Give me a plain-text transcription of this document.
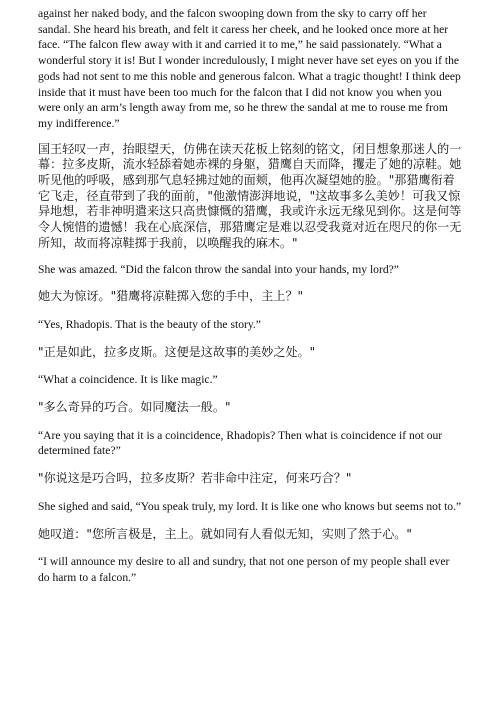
against her naked body, and the falcon swooping down from the sky to carry off her sandal. She heard his breath, and felt it caress her cheek, and he looked once more at her face. “The falcon flew away with it and carried it to me,” he said passionately. “What a wonderful story it is! But I wonder incredulously, I might never have set eyes on you if the gods had not sent to me this noble and generous falcon. What a tragic thought! I think deep inside that it must have been too much for the falcon that I did not know you when you were only an arm’s length away from me, so he threw the sandal at me to rouse me from my indifference.”

国王轻叹一声，抬眼望天，仿佛在读天花板上铭刻的铭文，闭目想象那迷人的一幕：拉多皮斯，流水轻舔着她赤裸的身躯，猎鹰自天而降，攫走了她的凉鞋。她听见他的呼吸，感到那气息轻拂过她的面颊，他再次凝望她的脸。"那猎鹰衔着它飞走，径直带到了我的面前，"他激情澎湃地说，"这故事多么美妙！可我又惊异地想，若非神明遣来这只高贵慷慨的猎鹰，我或许永远无缘见到你。这是何等令人惋惜的遗憾！我在心底深信，那猎鹰定是难以忍受我竟对近在咫尺的你一无所知，故而将凉鞋掷于我前，以唤醒我的麻木。"

She was amazed. “Did the falcon throw the sandal into your hands, my lord?”

她大为惊讶。"猎鹰将凉鞋掷入您的手中，主上？"

“Yes, Rhadopis. That is the beauty of the story.”

"正是如此，拉多皮斯。这便是这故事的美妙之处。"

“What a coincidence. It is like magic.”

"多么奇异的巧合。如同魔法一般。"

“Are you saying that it is a coincidence, Rhadopis? Then what is coincidence if not our determined fate?”

"你说这是巧合吗，拉多皮斯？若非命中注定，何来巧合？"

She sighed and said, “You speak truly, my lord. It is like one who knows but seems not to.”

她叹道："您所言极是，主上。就如同有人看似无知，实则了然于心。"

“I will announce my desire to all and sundry, that not one person of my people shall ever do harm to a falcon.”
